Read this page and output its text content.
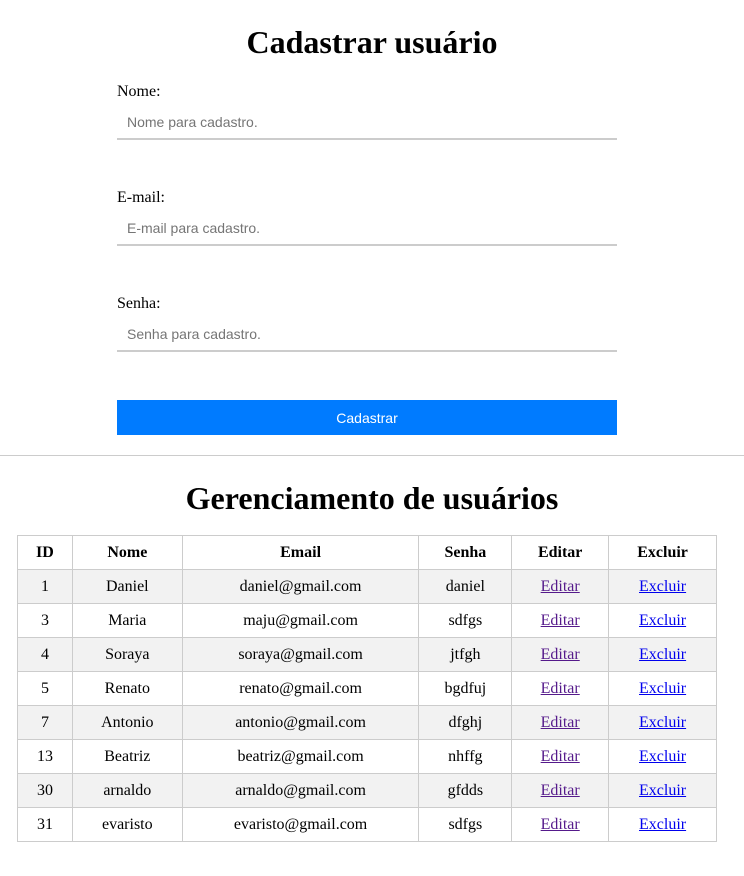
Cadastrar usuário
Nome:
Nome para cadastro.
E-mail:
E-mail para cadastro.
Senha:
Senha para cadastro.
Cadastrar
Gerenciamento de usuários
ID	Nome	Email	Senha	Editar	Excluir
1	Daniel	daniel@gmail.com	daniel	Editar	Excluir
3	Maria	maju@gmail.com	sdfgs	Editar	Excluir
4	Soraya	soraya@gmail.com	jtfgh	Editar	Excluir
5	Renato	renato@gmail.com	bgdfuj	Editar	Excluir
7	Antonio	antonio@gmail.com	dfghj	Editar	Excluir
13	Beatriz	beatriz@gmail.com	nhffg	Editar	Excluir
30	arnaldo	arnaldo@gmail.com	gfdds	Editar	Excluir
31	evaristo	evaristo@gmail.com	sdfgs	Editar	Excluir
